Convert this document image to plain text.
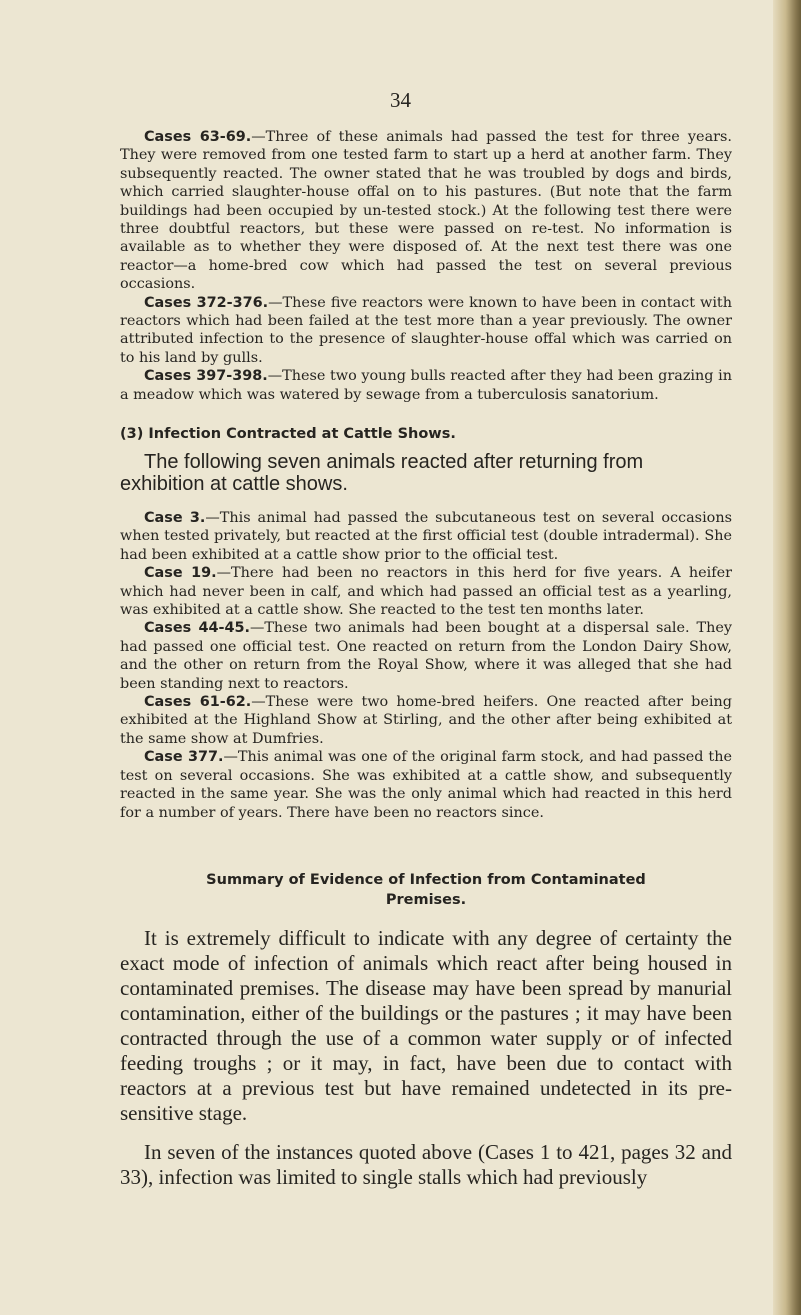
34

Cases 63-69.—Three of these animals had passed the test for three years. They were removed from one tested farm to start up a herd at another farm. They subsequently reacted. The owner stated that he was troubled by dogs and birds, which carried slaughter-house offal on to his pastures. (But note that the farm buildings had been occupied by un-tested stock.) At the following test there were three doubtful reactors, but these were passed on re-test. No information is available as to whether they were disposed of. At the next test there was one reactor—a home-bred cow which had passed the test on several previous occasions.

Cases 372-376.—These five reactors were known to have been in contact with reactors which had been failed at the test more than a year previously. The owner attributed infection to the presence of slaughter-house offal which was carried on to his land by gulls.

Cases 397-398.—These two young bulls reacted after they had been grazing in a meadow which was watered by sewage from a tuberculosis sanatorium.

(3) Infection Contracted at Cattle Shows.

The following seven animals reacted after returning from exhibition at cattle shows.

Case 3.—This animal had passed the subcutaneous test on several occasions when tested privately, but reacted at the first official test (double intradermal). She had been exhibited at a cattle show prior to the official test.

Case 19.—There had been no reactors in this herd for five years. A heifer which had never been in calf, and which had passed an official test as a yearling, was exhibited at a cattle show. She reacted to the test ten months later.

Cases 44-45.—These two animals had been bought at a dispersal sale. They had passed one official test. One reacted on return from the London Dairy Show, and the other on return from the Royal Show, where it was alleged that she had been standing next to reactors.

Cases 61-62.—These were two home-bred heifers. One reacted after being exhibited at the Highland Show at Stirling, and the other after being exhibited at the same show at Dumfries.

Case 377.—This animal was one of the original farm stock, and had passed the test on several occasions. She was exhibited at a cattle show, and subsequently reacted in the same year. She was the only animal which had reacted in this herd for a number of years. There have been no reactors since.

Summary of Evidence of Infection from Contaminated
Premises.

It is extremely difficult to indicate with any degree of certainty the exact mode of infection of animals which react after being housed in contaminated premises. The disease may have been spread by manurial contamination, either of the buildings or the pastures ; it may have been contracted through the use of a common water supply or of infected feeding troughs ; or it may, in fact, have been due to contact with reactors at a previous test but have remained undetected in its pre-sensitive stage.

In seven of the instances quoted above (Cases 1 to 421, pages 32 and 33), infection was limited to single stalls which had previously
